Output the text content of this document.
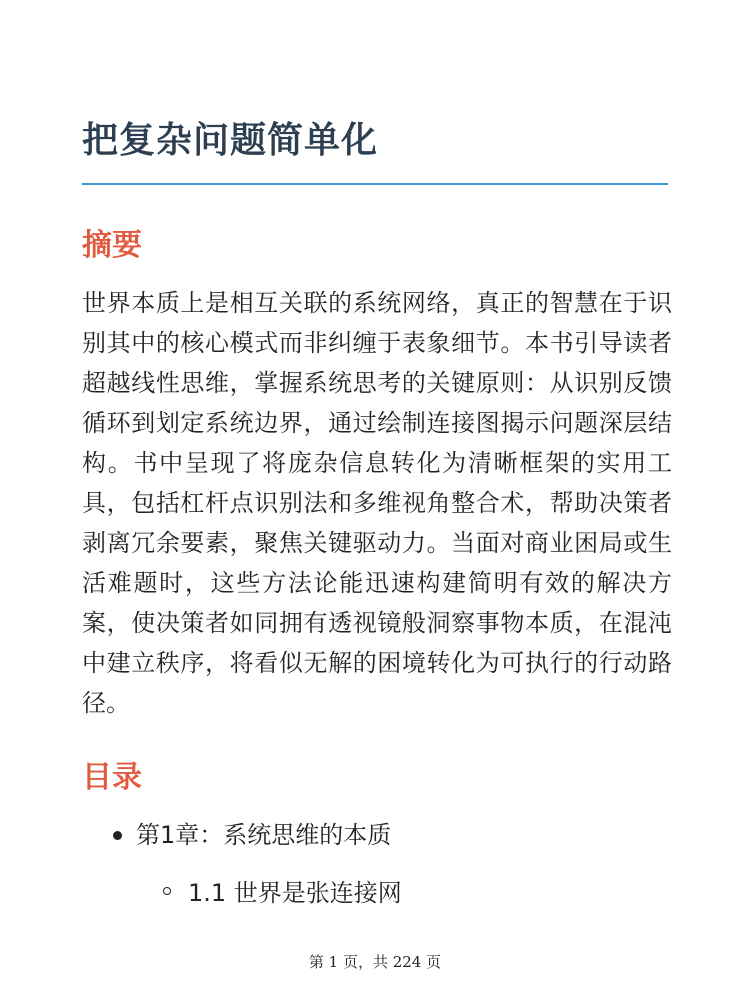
把复杂问题简单化
摘要

世界本质上是相互关联的系统网络，真正的智慧在于识别其中的核心模式而非纠缠于表象细节。本书引导读者超越线性思维，掌握系统思考的关键原则：从识别反馈循环到划定系统边界，通过绘制连接图揭示问题深层结构。书中呈现了将庞杂信息转化为清晰框架的实用工具，包括杠杆点识别法和多维视角整合术，帮助决策者剥离冗余要素，聚焦关键驱动力。当面对商业困局或生活难题时，这些方法论能迅速构建简明有效的解决方案，使决策者如同拥有透视镜般洞察事物本质，在混沌中建立秩序，将看似无解的困境转化为可执行的行动路径。

目录
第1章：系统思维的本质
1.1 世界是张连接网
第 1 页，共 224 页
